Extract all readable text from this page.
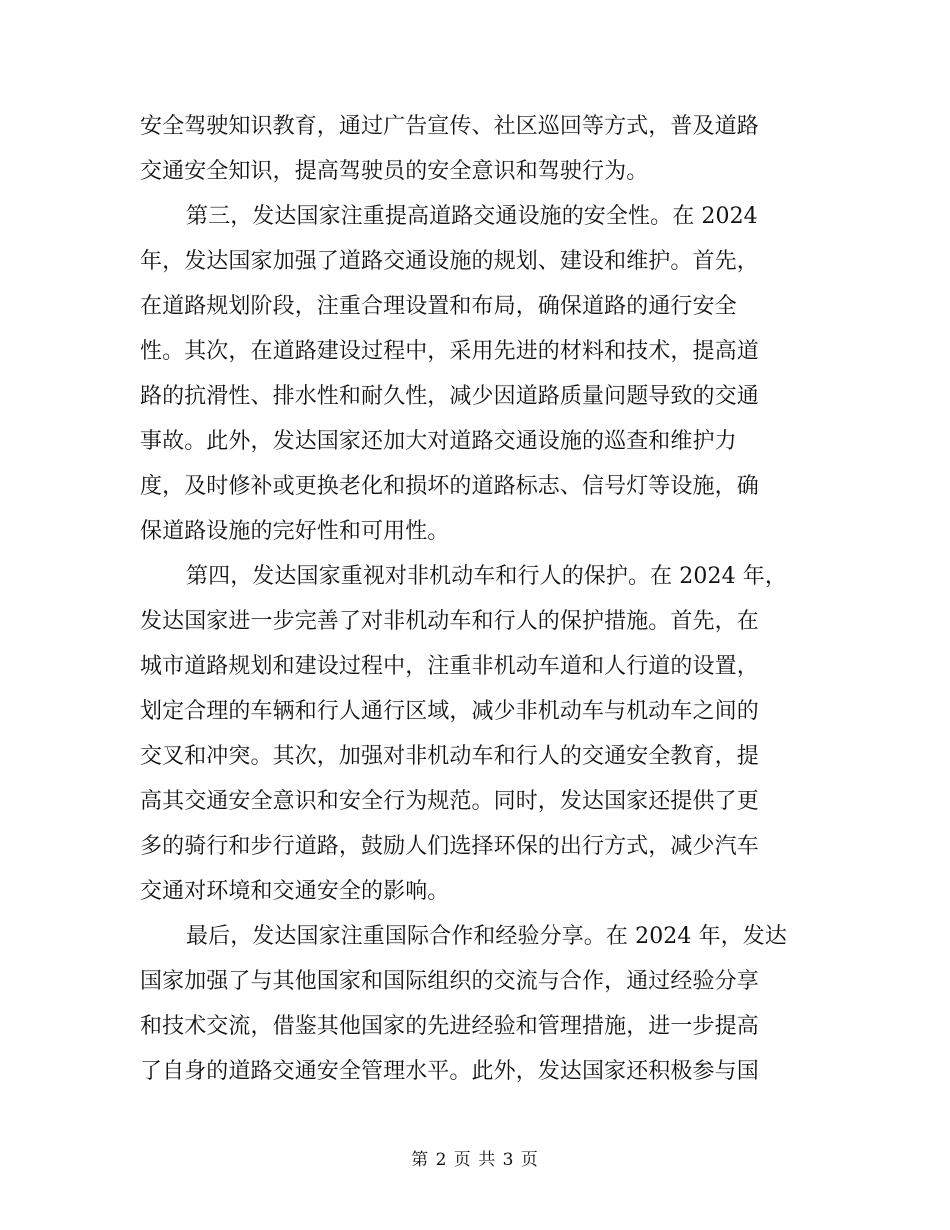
安全驾驶知识教育，通过广告宣传、社区巡回等方式，普及道路
交通安全知识，提高驾驶员的安全意识和驾驶行为。
第三，发达国家注重提高道路交通设施的安全性。在 2024
年，发达国家加强了道路交通设施的规划、建设和维护。首先，
在道路规划阶段，注重合理设置和布局，确保道路的通行安全
性。其次，在道路建设过程中，采用先进的材料和技术，提高道
路的抗滑性、排水性和耐久性，减少因道路质量问题导致的交通
事故。此外，发达国家还加大对道路交通设施的巡查和维护力
度，及时修补或更换老化和损坏的道路标志、信号灯等设施，确
保道路设施的完好性和可用性。
第四，发达国家重视对非机动车和行人的保护。在 2024 年，
发达国家进一步完善了对非机动车和行人的保护措施。首先，在
城市道路规划和建设过程中，注重非机动车道和人行道的设置，
划定合理的车辆和行人通行区域，减少非机动车与机动车之间的
交叉和冲突。其次，加强对非机动车和行人的交通安全教育，提
高其交通安全意识和安全行为规范。同时，发达国家还提供了更
多的骑行和步行道路，鼓励人们选择环保的出行方式，减少汽车
交通对环境和交通安全的影响。
最后，发达国家注重国际合作和经验分享。在 2024 年，发达
国家加强了与其他国家和国际组织的交流与合作，通过经验分享
和技术交流，借鉴其他国家的先进经验和管理措施，进一步提高
了自身的道路交通安全管理水平。此外，发达国家还积极参与国
第 2 页 共 3 页
